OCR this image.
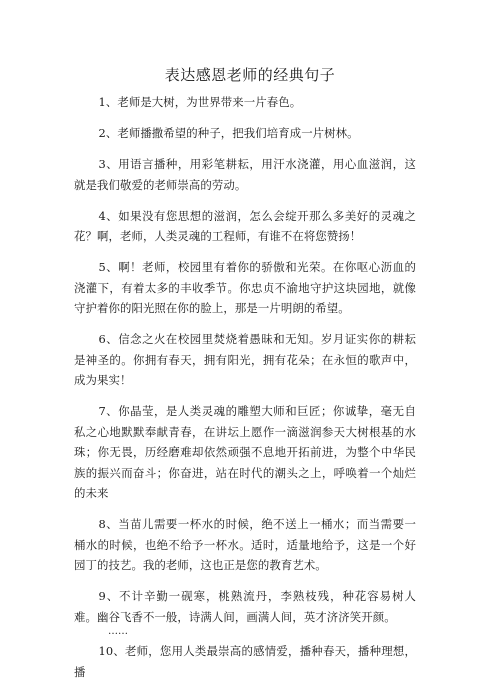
表达感恩老师的经典句子

1、老师是大树，为世界带来一片春色。

2、老师播撒希望的种子，把我们培育成一片树林。

3、用语言播种，用彩笔耕耘，用汗水浇灌，用心血滋润，这就是我们敬爱的老师崇高的劳动。

4、如果没有您思想的滋润，怎么会绽开那么多美好的灵魂之花？啊，老师，人类灵魂的工程师，有谁不在将您赞扬！

5、啊！老师，校园里有着你的骄傲和光荣。在你呕心沥血的浇灌下，有着太多的丰收季节。你忠贞不渝地守护这块园地，就像守护着你的阳光照在你的脸上，那是一片明朗的希望。

6、信念之火在校园里焚烧着愚昧和无知。岁月证实你的耕耘是神圣的。你拥有春天，拥有阳光，拥有花朵；在永恒的歌声中，成为果实！

7、你晶莹，是人类灵魂的雕塑大师和巨匠；你诚挚，毫无自私之心地默默奉献青春，在讲坛上愿作一滴滋润参天大树根基的水珠；你无畏，历经磨难却依然顽强不息地开拓前进，为整个中华民族的振兴而奋斗；你奋进，站在时代的潮头之上，呼唤着一个灿烂的未来

8、当苗儿需要一杯水的时候，绝不送上一桶水；而当需要一桶水的时候，也绝不给予一杯水。适时，适量地给予，这是一个好园丁的技艺。我的老师，这也正是您的教育艺术。

9、不计辛勤一砚寒，桃熟流丹，李熟枝残，种花容易树人难。幽谷飞香不一般，诗满人间，画满人间，英才济济笑开颜。

……

10、老师，您用人类最崇高的感情爱，播种春天，播种理想，播
